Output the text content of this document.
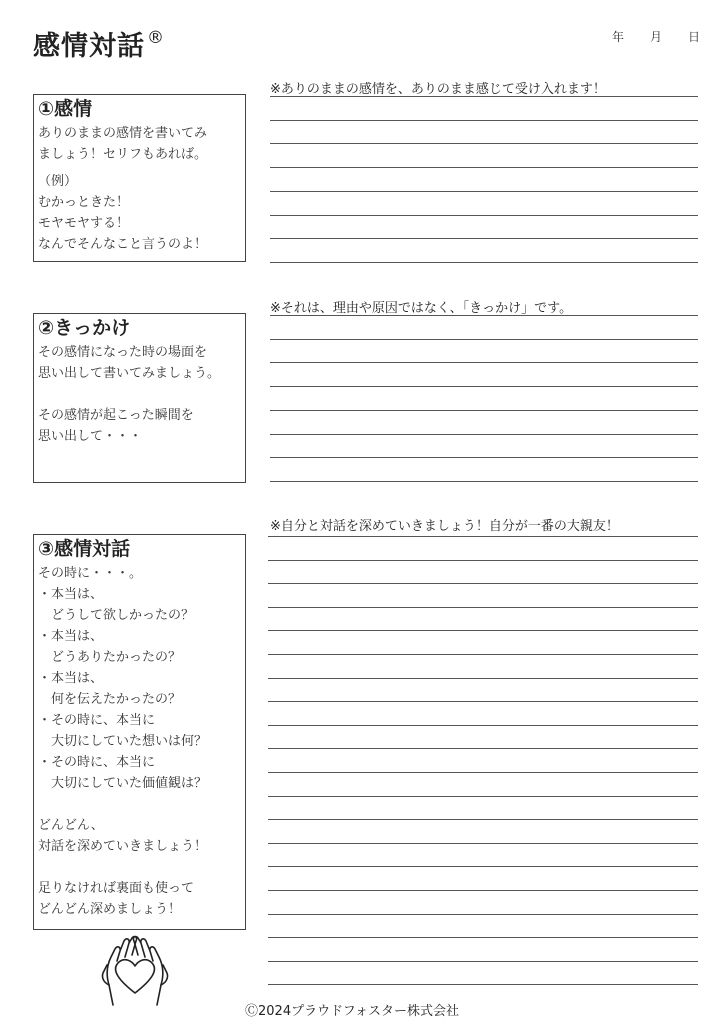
感情対話 ®	年 月 日
※ありのままの感情を、ありのまま感じて受け入れます！
①感情
ありのままの感情を書いてみ
ましょう！セリフもあれば。
（例）
むかっときた！
モヤモヤする！
なんでそんなこと言うのよ！
※それは、理由や原因ではなく、「きっかけ」です。
②きっかけ
その感情になった時の場面を
思い出して書いてみましょう。

その感情が起こった瞬間を
思い出して・・・
※自分と対話を深めていきましょう！自分が一番の大親友！
③感情対話
その時に・・・。
・本当は、
　どうして欲しかったの？
・本当は、
　どうありたかったの？
・本当は、
　何を伝えたかったの？
・その時に、本当に
　大切にしていた想いは何？
・その時に、本当に
　大切にしていた価値観は？

どんどん、
対話を深めていきましょう！

足りなければ裏面も使って
どんどん深めましょう！
Ⓒ2024プラウドフォスター株式会社
